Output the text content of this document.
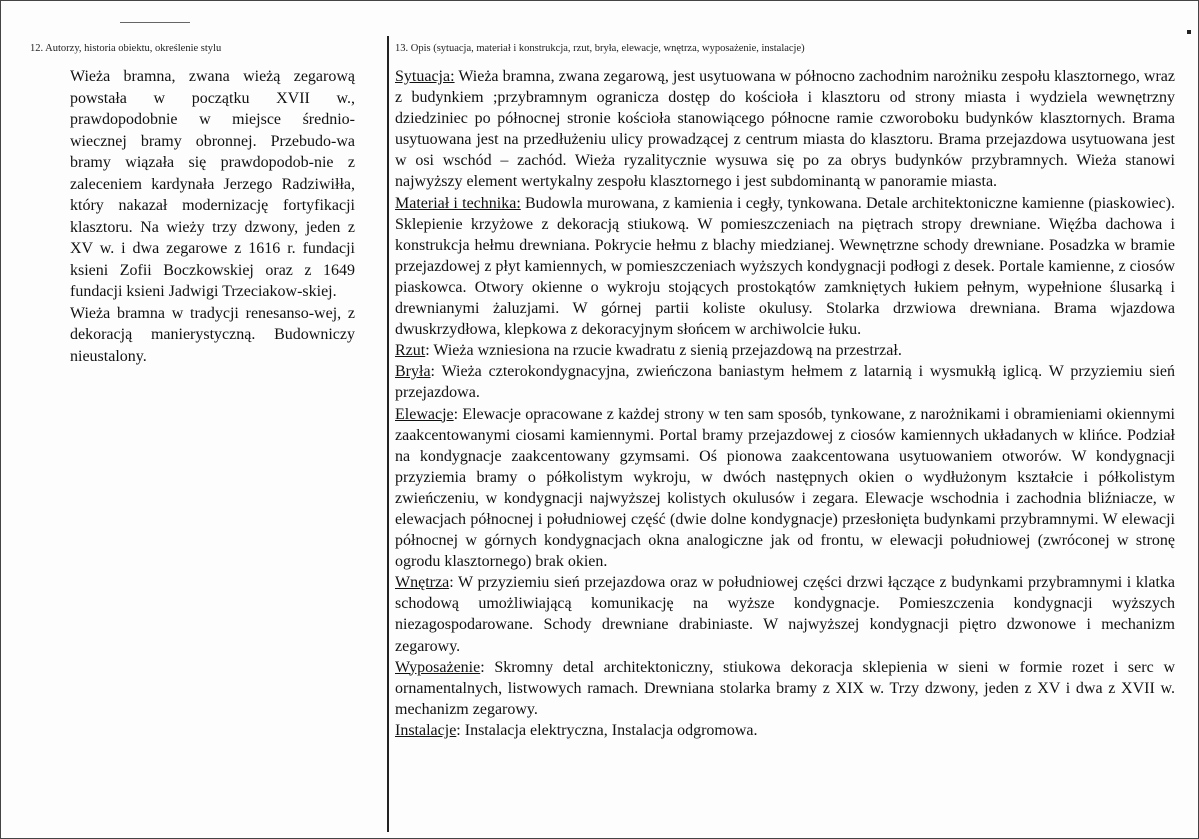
12. Autorzy, historia obiektu, określenie stylu
Wieża bramna, zwana wieżą zegarową powstała w początku XVII w., prawdopodobnie w miejsce średnio-wiecznej bramy obronnej. Przebudo-wa bramy wiązała się prawdopodob-nie z zaleceniem kardynała Jerzego Radziwiłła, który nakazał modernizację fortyfikacji klasztoru. Na wieży trzy dzwony, jeden z XV w. i dwa zegarowe z 1616 r. fundacji ksieni Zofii Boczkowskiej oraz z 1649 fundacji ksieni Jadwigi Trzeciakow-skiej.
Wieża bramna w tradycji renesanso-wej, z dekoracją manierystyczną. Budowniczy nieustalony.
13. Opis (sytuacja, materiał i konstrukcja, rzut, bryła, elewacje, wnętrza, wyposażenie, instalacje)

Sytuacja: Wieża bramna, zwana zegarową, jest usytuowana w północno zachodnim narożniku zespołu klasztornego, wraz z budynkiem ;przybramnym ogranicza dostęp do kościoła i klasztoru od strony miasta i wydziela wewnętrzny dziedziniec po północnej stronie kościoła stanowiącego północne ramie czworoboku budynków klasztornych. Brama usytuowana jest na przedłużeniu ulicy prowadzącej z centrum miasta do klasztoru. Brama przejazdowa usytuowana jest w osi wschód – zachód. Wieża ryzalitycznie wysuwa się po za obrys budynków przybramnych. Wieża stanowi najwyższy element wertykalny zespołu klasztornego i jest subdominantą w panoramie miasta.

Materiał i technika: Budowla murowana, z kamienia i cegły, tynkowana. Detale architektoniczne kamienne (piaskowiec). Sklepienie krzyżowe z dekoracją stiukową. W pomieszczeniach na piętrach stropy drewniane. Więźba dachowa i konstrukcja hełmu drewniana. Pokrycie hełmu z blachy miedzianej. Wewnętrzne schody drewniane. Posadzka w bramie przejazdowej z płyt kamiennych, w pomieszczeniach wyższych kondygnacji podłogi z desek. Portale kamienne, z ciosów piaskowca. Otwory okienne o wykroju stojących prostokątów zamkniętych łukiem pełnym, wypełnione ślusarką i drewnianymi żaluzjami. W górnej partii koliste okulusy. Stolarka drzwiowa drewniana. Brama wjazdowa dwuskrzydłowa, klepkowa z dekoracyjnym słońcem w archiwolcie łuku.

Rzut: Wieża wzniesiona na rzucie kwadratu z sienią przejazdową na przestrzał.

Bryła: Wieża czterokondygnacyjna, zwieńczona baniastym hełmem z latarnią i wysmukłą iglicą. W przyziemiu sień przejazdowa.

Elewacje: Elewacje opracowane z każdej strony w ten sam sposób, tynkowane, z narożnikami i obramieniami okiennymi zaakcentowanymi ciosami kamiennymi. Portal bramy przejazdowej z ciosów kamiennych układanych w klińce. Podział na kondygnacje zaakcentowany gzymsami. Oś pionowa zaakcentowana usytuowaniem otworów. W kondygnacji przyziemia bramy o półkolistym wykroju, w dwóch następnych okien o wydłużonym kształcie i półkolistym zwieńczeniu, w kondygnacji najwyższej kolistych okulusów i zegara. Elewacje wschodnia i zachodnia bliźniacze, w elewacjach północnej i południowej część (dwie dolne kondygnacje) przesłonięta budynkami przybramnymi. W elewacji północnej w górnych kondygnacjach okna analogiczne jak od frontu, w elewacji południowej (zwróconej w stronę ogrodu klasztornego) brak okien.

Wnętrza: W przyziemiu sień przejazdowa oraz w południowej części drzwi łączące z budynkami przybramnymi i klatka schodową umożliwiającą komunikację na wyższe kondygnacje. Pomieszczenia kondygnacji wyższych niezagospodarowane. Schody drewniane drabiniaste. W najwyższej kondygnacji piętro dzwonowe i mechanizm zegarowy.

Wyposażenie: Skromny detal architektoniczny, stiukowa dekoracja sklepienia w sieni w formie rozet i serc w ornamentalnych, listwowych ramach. Drewniana stolarka bramy z XIX w. Trzy dzwony, jeden z XV i dwa z XVII w. mechanizm zegarowy.

Instalacje: Instalacja elektryczna, Instalacja odgromowa.
